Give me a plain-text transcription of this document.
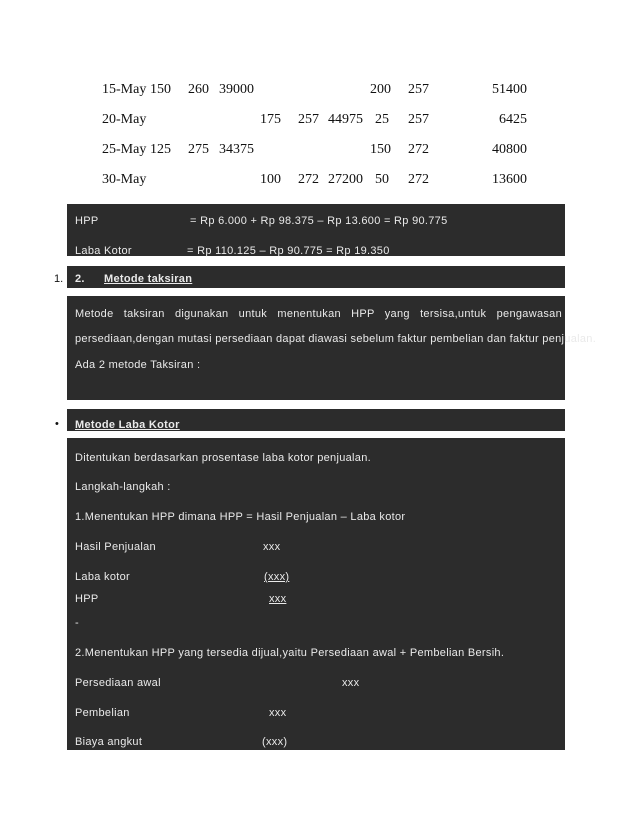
15-May 150 260 39000	200 257	51400
20-May	175 257 44975 25 257	6425
25-May 125 275 34375	150 272	40800
30-May	100 272 27200 50 272	13600
HPP	= Rp 6.000 + Rp 98.375 – Rp 13.600 = Rp 90.775
Laba Kotor	= Rp 110.125 – Rp 90.775 = Rp 19.350
1. 2. Metode taksiran
Metode taksiran digunakan untuk menentukan HPP yang tersisa,untuk pengawasan
persediaan,dengan mutasi persediaan dapat diawasi sebelum faktur pembelian dan faktur penjualan.
Ada 2 metode Taksiran :
• Metode Laba Kotor
Ditentukan berdasarkan prosentase laba kotor penjualan.
Langkah-langkah :
1.Menentukan HPP dimana HPP = Hasil Penjualan – Laba kotor
Hasil Penjualan	xxx
Laba kotor	(xxx)
HPP	xxx
-
2.Menentukan HPP yang tersedia dijual,yaitu Persediaan awal + Pembelian Bersih.
Persediaan awal	xxx
Pembelian	xxx
Biaya angkut	(xxx)
